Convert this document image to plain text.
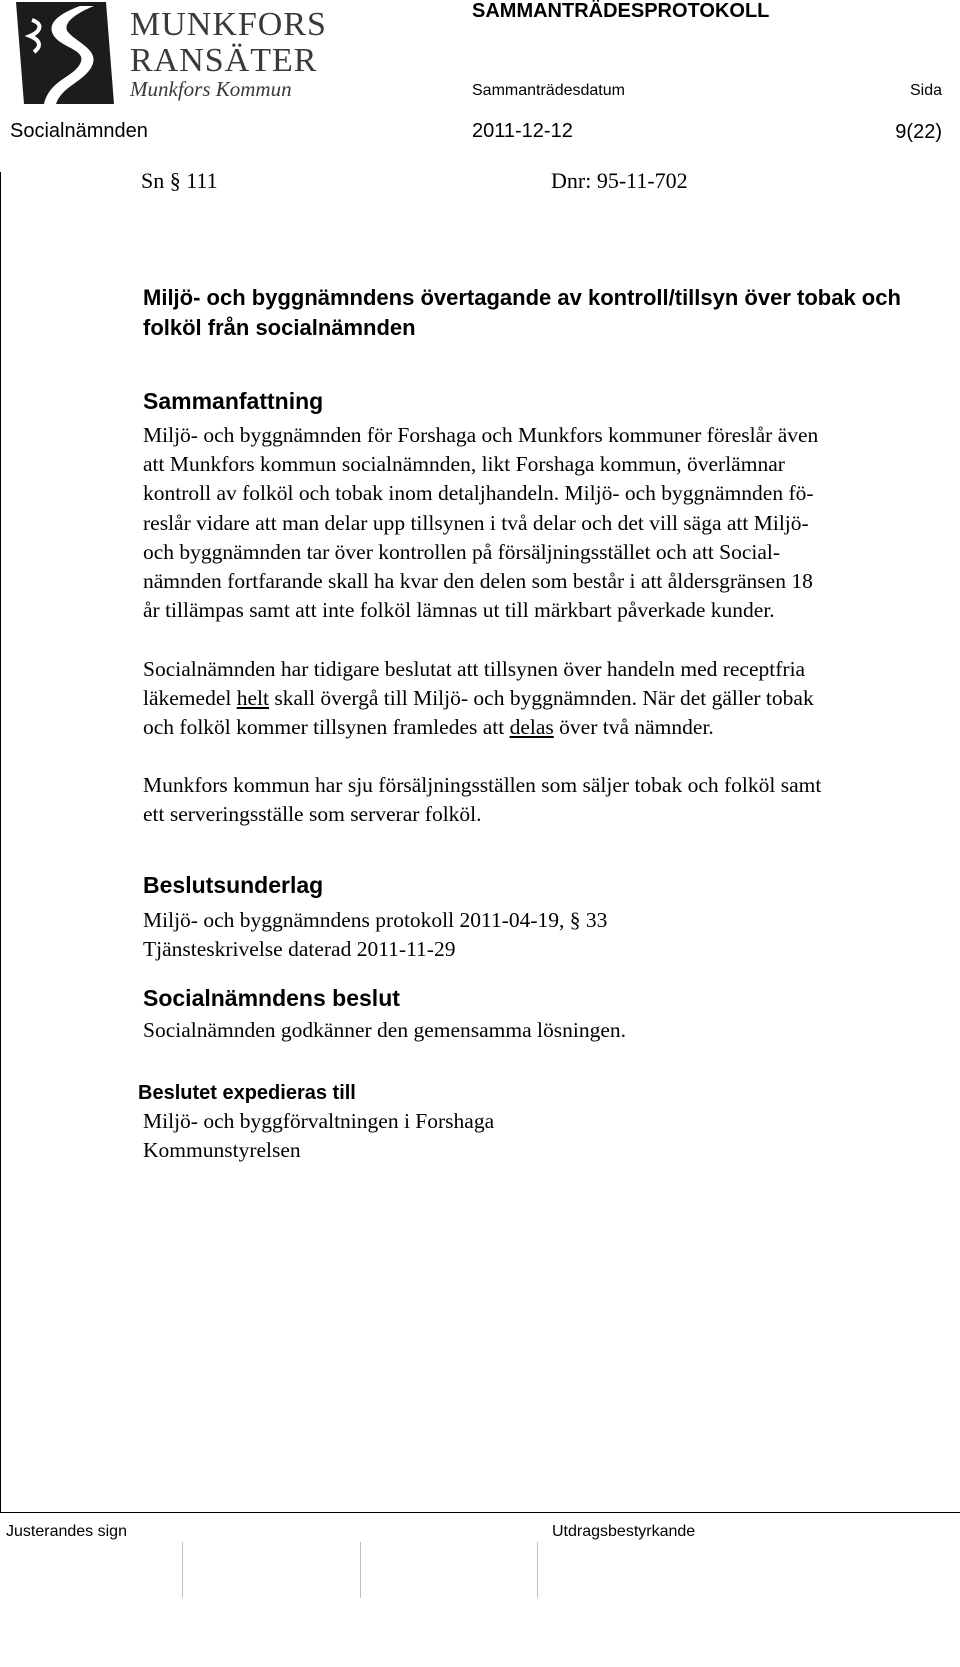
MUNKFORS
RANSÄTER
Munkfors Kommun
SAMMANTRÄDESPROTOKOLL
Sammanträdesdatum	Sida
Socialnämnden	2011-12-12	9(22)
Sn § 111	Dnr: 95-11-702
Miljö- och byggnämndens övertagande av kontroll/tillsyn över tobak och folköl från socialnämnden
Sammanfattning

Miljö- och byggnämnden för Forshaga och Munkfors kommuner föreslår även
att Munkfors kommun socialnämnden, likt Forshaga kommun, överlämnar
kontroll av folköl och tobak inom detaljhandeln. Miljö- och byggnämnden fö-
reslår vidare att man delar upp tillsynen i två delar och det vill säga att Miljö-
och byggnämnden tar över kontrollen på försäljningsstället och att Social-
nämnden fortfarande skall ha kvar den delen som består i att åldersgränsen 18
år tillämpas samt att inte folköl lämnas ut till märkbart påverkade kunder.

Socialnämnden har tidigare beslutat att tillsynen över handeln med receptfria
läkemedel helt skall övergå till Miljö- och byggnämnden. När det gäller tobak
och folköl kommer tillsynen framledes att delas över två nämnder.

Munkfors kommun har sju försäljningsställen som säljer tobak och folköl samt
ett serveringsställe som serverar folköl.

Beslutsunderlag

Miljö- och byggnämndens protokoll 2011-04-19, § 33
Tjänsteskrivelse daterad 2011-11-29

Socialnämndens beslut

Socialnämnden godkänner den gemensamma lösningen.

Beslutet expedieras till

Miljö- och byggförvaltningen i Forshaga
Kommunstyrelsen

Justerandes sign	Utdragsbestyrkande
